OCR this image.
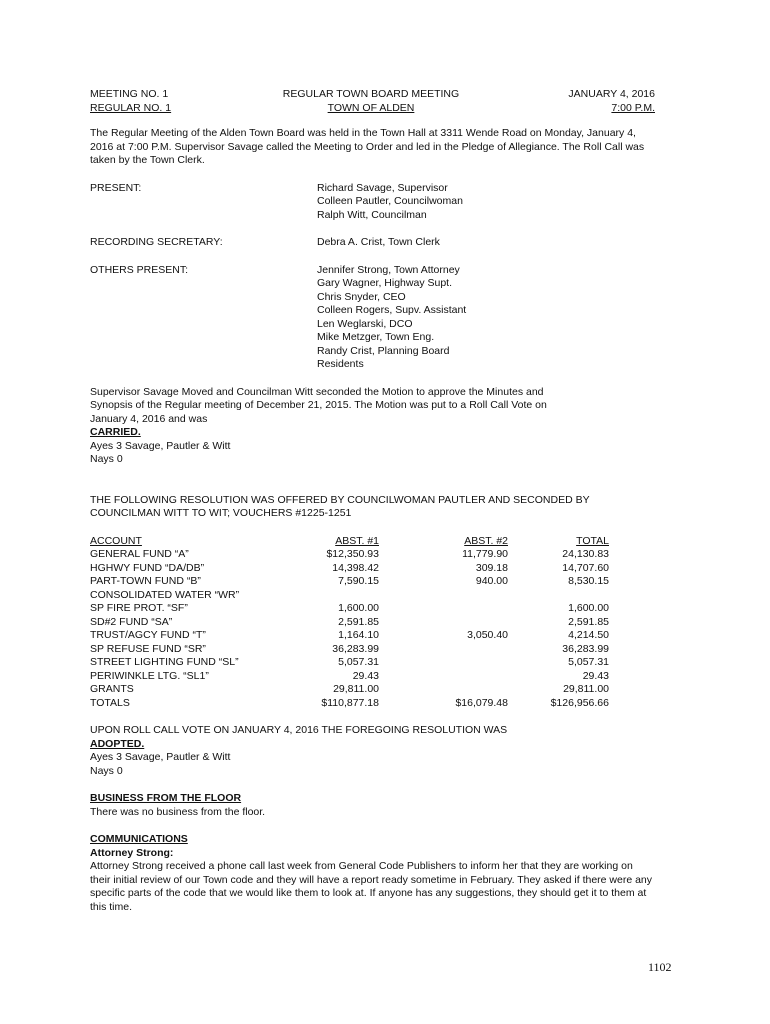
MEETING NO. 1	REGULAR TOWN BOARD MEETING	JANUARY 4, 2016
REGULAR NO. 1	TOWN OF ALDEN	7:00 P.M.

The Regular Meeting of the Alden Town Board was held in the Town Hall at 3311 Wende Road on Monday, January 4, 2016 at 7:00 P.M. Supervisor Savage called the Meeting to Order and led in the Pledge of Allegiance. The Roll Call was taken by the Town Clerk.

PRESENT:	Richard Savage, Supervisor
Colleen Pautler, Councilwoman
Ralph Witt, Councilman
RECORDING SECRETARY:	Debra A. Crist, Town Clerk
OTHERS PRESENT:	Jennifer Strong, Town Attorney
Gary Wagner, Highway Supt.
Chris Snyder, CEO
Colleen Rogers, Supv. Assistant
Len Weglarski, DCO
Mike Metzger, Town Eng.
Randy Crist, Planning Board
Residents
Supervisor Savage Moved and Councilman Witt seconded the Motion to approve the Minutes and
Synopsis of the Regular meeting of December 21, 2015. The Motion was put to a Roll Call Vote on
January 4, 2016 and was
CARRIED.
Ayes 3 Savage, Pautler & Witt
Nays 0
THE FOLLOWING RESOLUTION WAS OFFERED BY COUNCILWOMAN PAUTLER AND SECONDED BY
COUNCILMAN WITT TO WIT; VOUCHERS #1225-1251
ACCOUNT	ABST. #1	ABST. #2	TOTAL
GENERAL FUND “A”	$12,350.93	11,779.90	24,130.83
HGHWY FUND “DA/DB”	14,398.42	309.18	14,707.60
PART-TOWN FUND “B”	7,590.15	940.00	8,530.15
CONSOLIDATED WATER “WR”			
SP FIRE PROT. “SF”	1,600.00		1,600.00
SD#2 FUND “SA”	2,591.85		2,591.85
TRUST/AGCY FUND “T”	1,164.10	3,050.40	4,214.50
SP REFUSE FUND “SR”	36,283.99		36,283.99
STREET LIGHTING FUND “SL”	5,057.31		5,057.31
PERIWINKLE LTG. “SL1”	29.43		29.43
GRANTS	29,811.00		29,811.00
TOTALS	$110,877.18	$16,079.48	$126,956.66
UPON ROLL CALL VOTE ON JANUARY 4, 2016 THE FOREGOING RESOLUTION WAS
ADOPTED.
Ayes 3 Savage, Pautler & Witt
Nays 0
BUSINESS FROM THE FLOOR
There was no business from the floor.
COMMUNICATIONS
Attorney Strong:

Attorney Strong received a phone call last week from General Code Publishers to inform her that they are working on their initial review of our Town code and they will have a report ready sometime in February. They asked if there were any specific parts of the code that we would like them to look at. If anyone has any suggestions, they should get it to them at this time.

1102
